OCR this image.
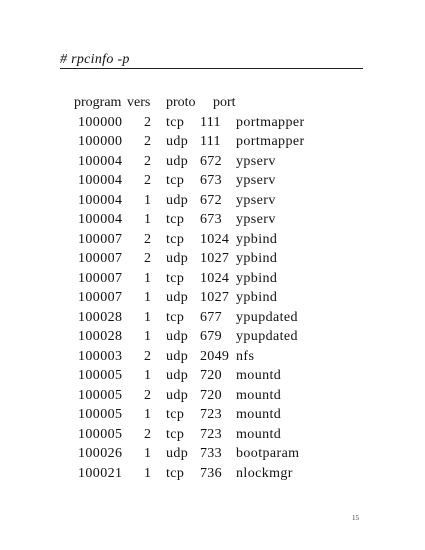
# rpcinfo -p
program vers proto port
100000 2 tcp 111 portmapper
100000 2 udp 111 portmapper
100004 2 udp 672 ypserv
100004 2 tcp 673 ypserv
100004 1 udp 672 ypserv
100004 1 tcp 673 ypserv
100007 2 tcp 1024 ypbind
100007 2 udp 1027 ypbind
100007 1 tcp 1024 ypbind
100007 1 udp 1027 ypbind
100028 1 tcp 677 ypupdated
100028 1 udp 679 ypupdated
100003 2 udp 2049 nfs
100005 1 udp 720 mountd
100005 2 udp 720 mountd
100005 1 tcp 723 mountd
100005 2 tcp 723 mountd
100026 1 udp 733 bootparam
100021 1 tcp 736 nlockmgr
15
